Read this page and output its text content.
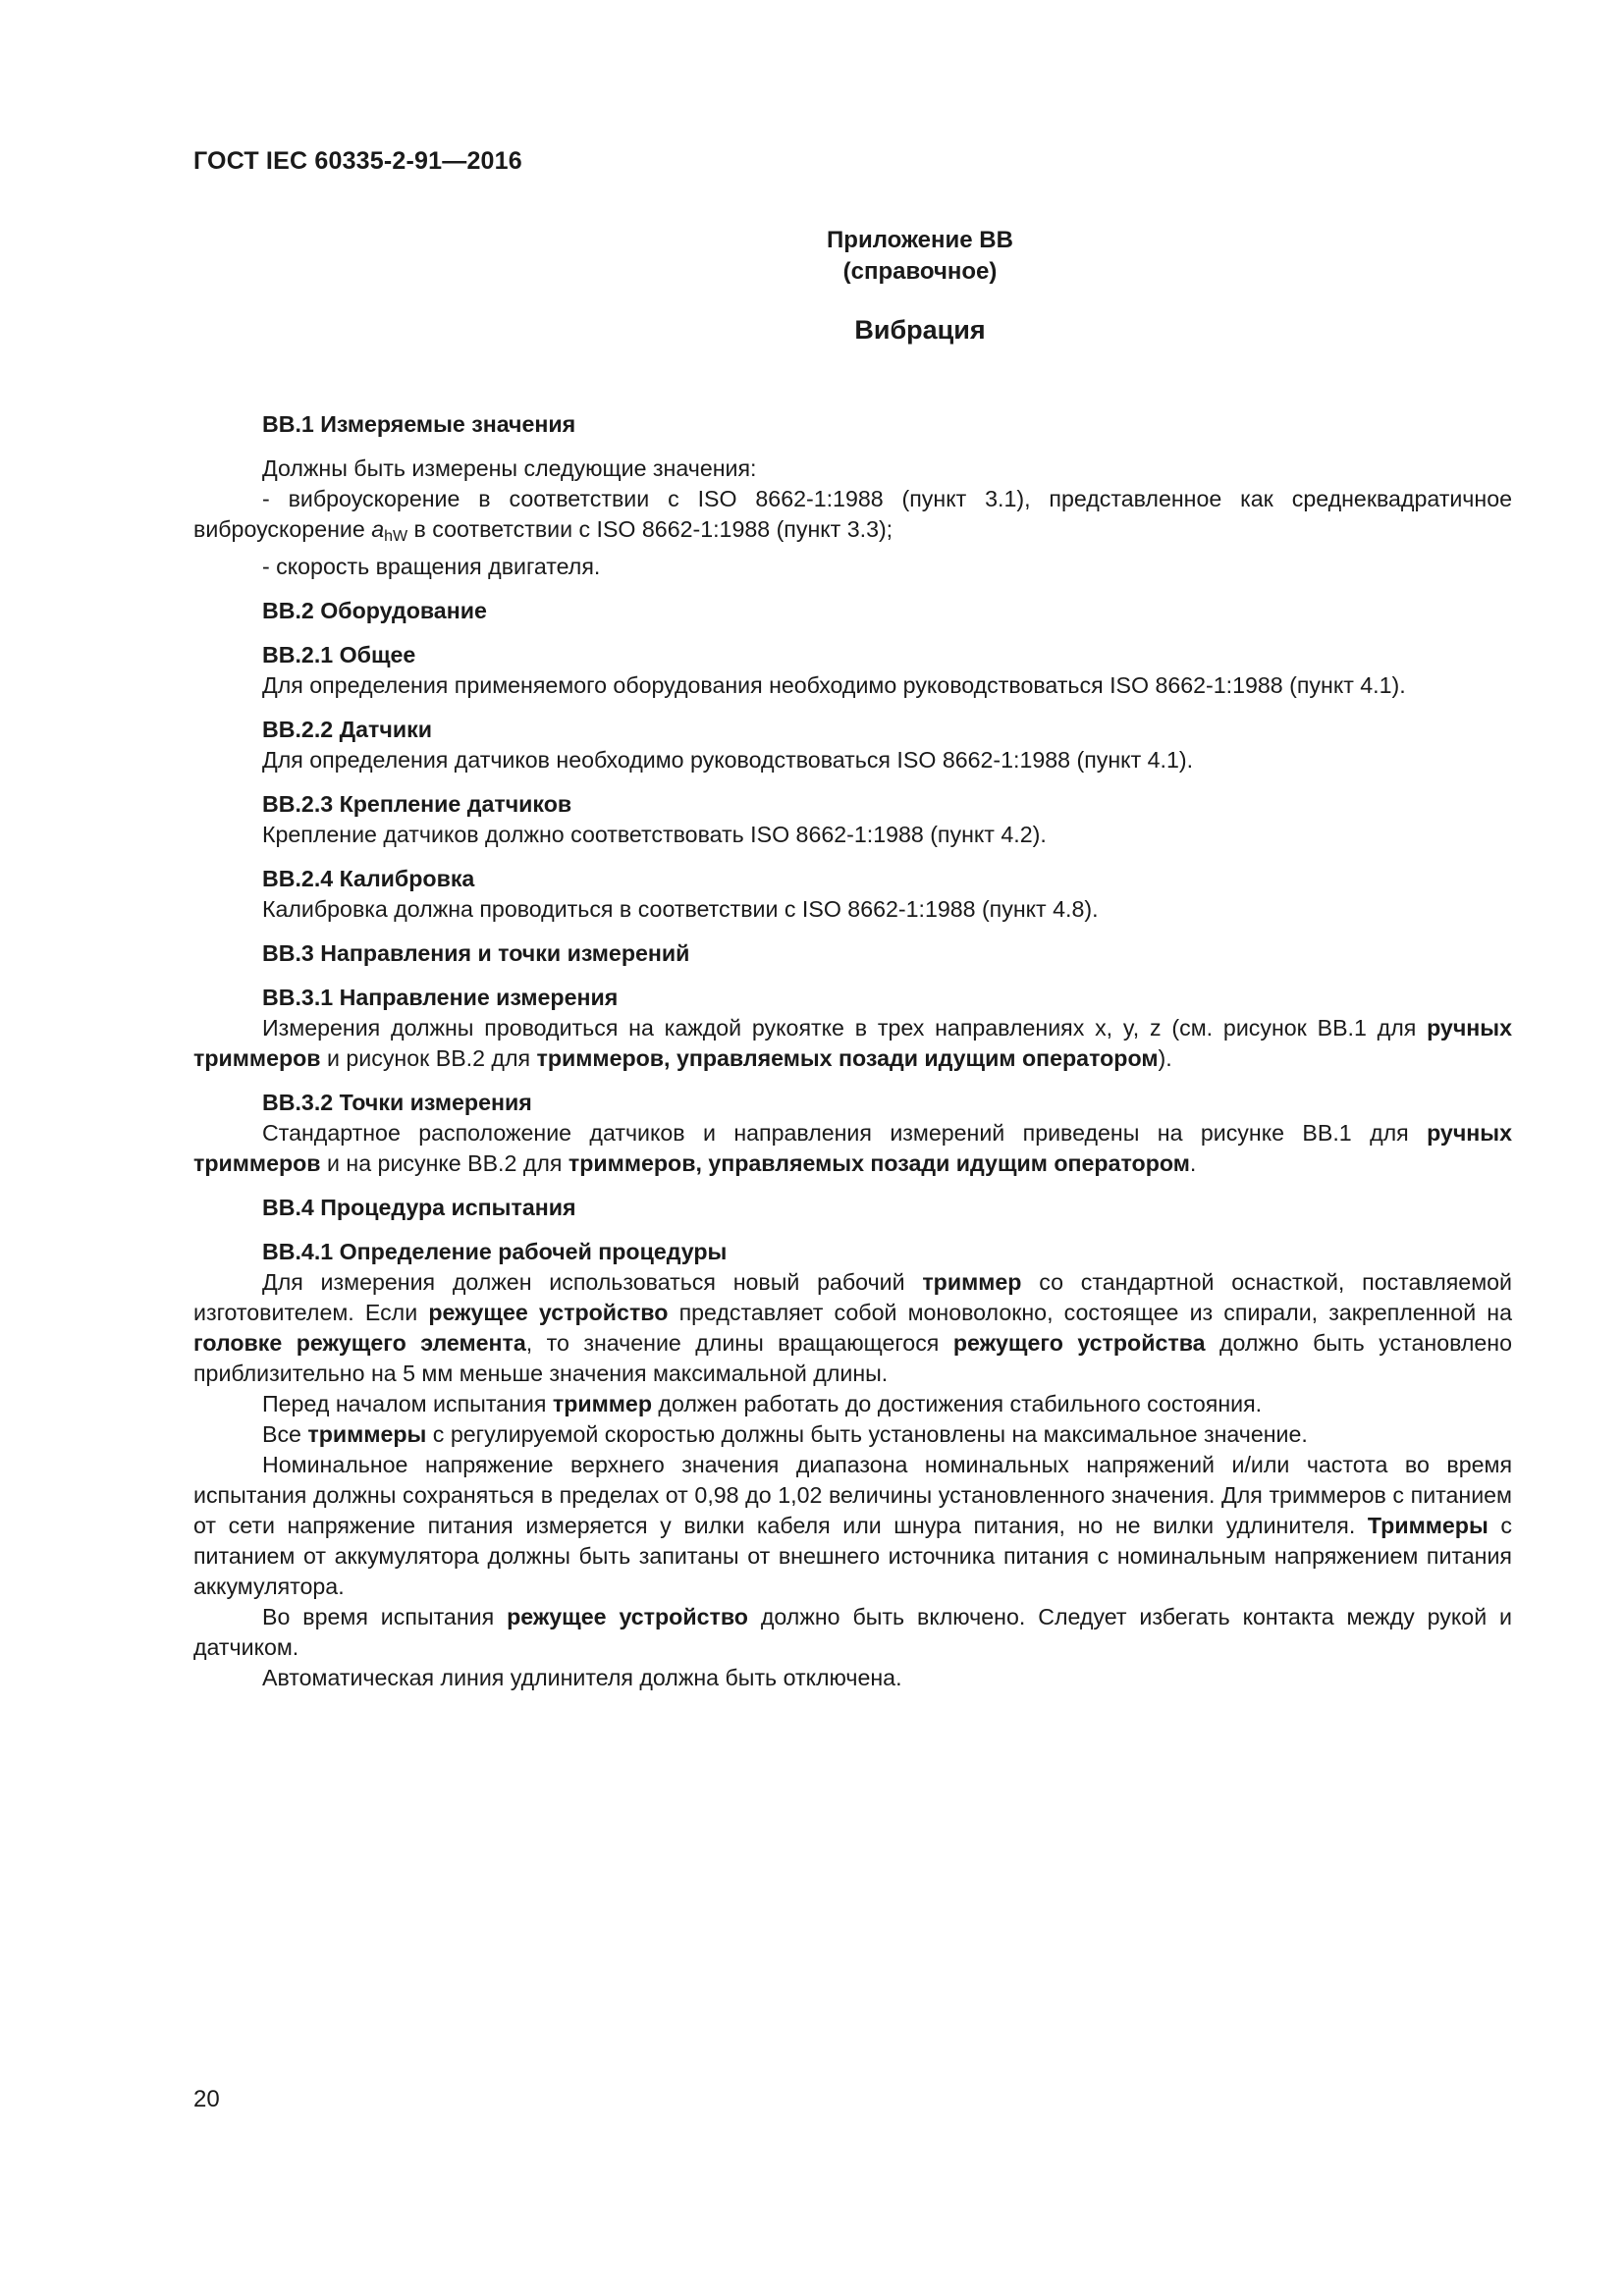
ГОСТ IEC 60335-2-91—2016
Приложение ВВ
(справочное)
Вибрация

ВВ.1 Измеряемые значения

Должны быть измерены следующие значения:

- виброускорение в соответствии с ISO 8662-1:1988 (пункт 3.1), представленное как среднеквадратичное виброускорение $a_{hW}$ в соответствии с ISO 8662-1:1988 (пункт 3.3);

- скорость вращения двигателя.

ВВ.2 Оборудование

ВВ.2.1 Общее

Для определения применяемого оборудования необходимо руководствоваться ISO 8662-1:1988 (пункт 4.1).

ВВ.2.2 Датчики

Для определения датчиков необходимо руководствоваться ISO 8662-1:1988 (пункт 4.1).

ВВ.2.3 Крепление датчиков

Крепление датчиков должно соответствовать ISO 8662-1:1988 (пункт 4.2).

ВВ.2.4 Калибровка

Калибровка должна проводиться в соответствии с ISO 8662-1:1988 (пункт 4.8).

ВВ.3 Направления и точки измерений

ВВ.3.1 Направление измерения

Измерения должны проводиться на каждой рукоятке в трех направлениях x, y, z (см. рисунок ВВ.1 для ручных триммеров и рисунок ВВ.2 для триммеров, управляемых позади идущим оператором).

ВВ.3.2 Точки измерения

Стандартное расположение датчиков и направления измерений приведены на рисунке ВВ.1 для ручных триммеров и на рисунке ВВ.2 для триммеров, управляемых позади идущим оператором.

ВВ.4 Процедура испытания

ВВ.4.1 Определение рабочей процедуры

Для измерения должен использоваться новый рабочий триммер со стандартной оснасткой, поставляемой изготовителем. Если режущее устройство представляет собой моноволокно, состоящее из спирали, закрепленной на головке режущего элемента, то значение длины вращающегося режущего устройства должно быть установлено приблизительно на 5 мм меньше значения максимальной длины.

Перед началом испытания триммер должен работать до достижения стабильного состояния.

Все триммеры с регулируемой скоростью должны быть установлены на максимальное значение.

Номинальное напряжение верхнего значения диапазона номинальных напряжений и/или частота во время испытания должны сохраняться в пределах от 0,98 до 1,02 величины установленного значения. Для триммеров с питанием от сети напряжение питания измеряется у вилки кабеля или шнура питания, но не вилки удлинителя. Триммеры с питанием от аккумулятора должны быть запитаны от внешнего источника питания с номинальным напряжением питания аккумулятора.

Во время испытания режущее устройство должно быть включено. Следует избегать контакта между рукой и датчиком.

Автоматическая линия удлинителя должна быть отключена.

20
